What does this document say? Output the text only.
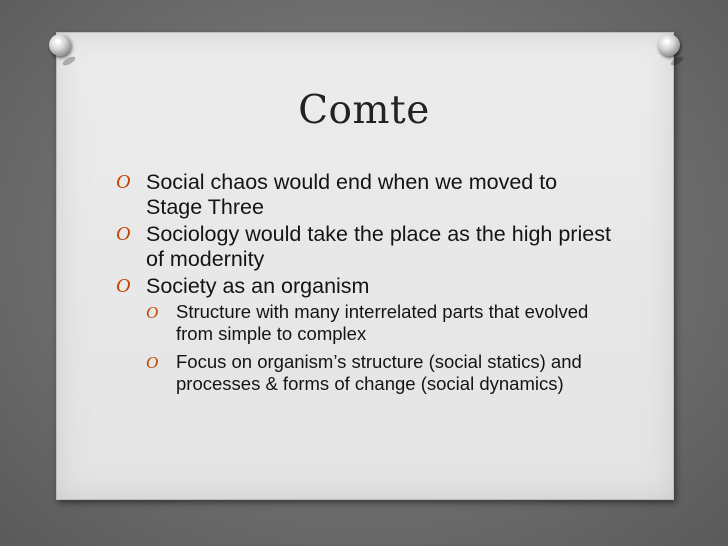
Comte
O Social chaos would end when we moved to Stage Three
O Sociology would take the place as the high priest of modernity
O Society as an organism
O Structure with many interrelated parts that evolved from simple to complex
O Focus on organism’s structure (social statics) and processes & forms of change (social dynamics)
